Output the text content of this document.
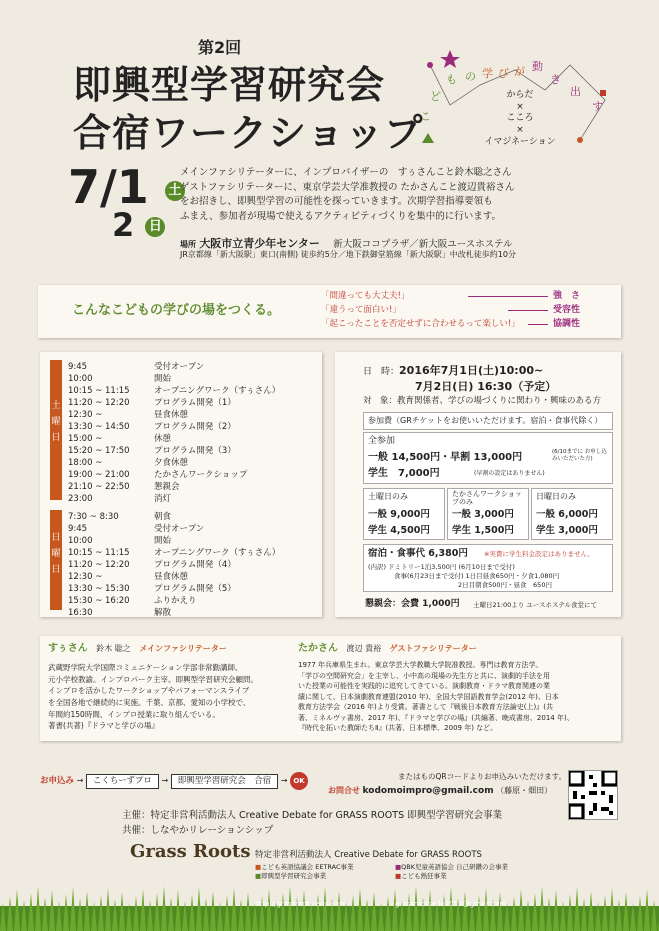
第2回
即興型学習研究会
合宿ワークショップ
7/1 土
2 日
こ
ど
も の 学 び が 動
き
出
す
からだ
×
こころ
×
イマジネーション
メインファシリテーターに、インプロバイザーの　すぅさんこと鈴木聡之さん
ゲストファシリテーターに、東京学芸大学准教授の たかさんこと渡辺貴裕さん
をお招きし、即興型学習の可能性を探っていきます。次期学習指導要領も
ふまえ、参加者が現場で使えるアクティビティづくりを集中的に行います。
場所 大阪市立青少年センター 新大阪ココプラザ／新大阪ユースホステル
JR京都線「新大阪駅」東口(南側) 徒歩約5分／地下鉄御堂筋線「新大阪駅」中改札徒歩約10分
こんなこどもの学びの場をつくる。
「間違っても大丈夫!」
「違うって面白い!」
「起こったことを否定せずに合わせるって楽しい!」
強　さ
受容性
協調性
土曜日
日曜日
9:45	受付オープン
10:00	開始
10:15 ~ 11:15	オープニングワーク（すぅさん）
11:20 ~ 12:20	プログラム開発（1）
12:30 ~	昼食休憩
13:30 ~ 14:50	プログラム開発（2）
15:00 ~	休憩
15:20 ~ 17:50	プログラム開発（3）
18:00 ~	夕食休憩
19:00 ~ 21:00	たかさんワークショップ
21:10 ~ 22:50	懇親会
23:00	消灯
7:30 ~ 8:30	朝食
9:45	受付オープン
10:00	開始
10:15 ~ 11:15	オープニングワーク（すぅさん）
11:20 ~ 12:20	プログラム開発（4）
12:30 ~	昼食休憩
13:30 ~ 15:30	プログラム開発（5）
15:30 ~ 16:20	ふりかえり
16:30	解散
日　時：2016年7月1日(土)10:00~
7月2日(日) 16:30（予定）
対　象：教育関係者、学びの場づくりに関わり・興味のある方
参加費（GRチケットをお使いいただけます。宿泊・食事代除く）
全参加
一般 14,500円・早割 13,000円	(6/10までに お申し込みいただいた方)
学生　7,000円	(早割の設定はありません)
土曜日のみ
一般 9,000円
学生 4,500円
たかさんワークショップのみ
一般 3,000円
学生 1,500円
日曜日のみ
一般 6,000円
学生 3,000円
宿泊・食事代 6,380円 ※実費に学生料金設定はありません。
(内訳) ドミトリー1泊3,500円 (6月10日まで受付)
食事(6月23日まで受付) 1日目昼食650円・夕食1,080円
2日目朝食500円・昼食　650円
懇親会：会費 1,000円 土曜日21:00より ユースホステル食堂にて
すぅさん 鈴木 聡之 メインファシリテーター
武蔵野学院大学国際コミュニケーション学部非常勤講師、
元小学校教諭。インプロパーク主宰。即興型学習研究会顧問。
インプロを活かしたワークショップやパフォーマンスライブ
を全国各地で継続的に実施。千葉、京都、愛知の小学校で、
年間約150時間、インプロ授業に取り組んでいる。
著書(共著)『ドラマと学びの場』
たかさん 渡辺 貴裕 ゲストファシリテーター
1977 年兵庫県生まれ。東京学芸大学教職大学院准教授。専門は教育方法学。
「学びの空間研究会」を主宰し、小中高の現場の先生方と共に、演劇的手法を用
いた授業の可能性を実践的に追究してきている。演劇教育・ドラマ教育関連の業
績に関して、日本演劇教育連盟(2010 年)、全国大学国語教育学会(2012 年)、日本
教育方法学会（2016 年)より受賞。著書として『戦後日本教育方法論史(上)』(共
著、ミネルヴァ書房、2017 年)、『ドラマと学びの場』(共編著、晩成書房、2014 年)、
『時代を拓いた教師たちⅡ』(共著、日本標準、2009 年) など。
お申込み → こくちーずプロ → 即興型学習研究会　合宿 → OK	またはものQRコードよりお申込みいただけます。
お問合せ kodomoimpro@gmail.com （藤原・畑田）
主催：特定非営利活動法人 Creative Debate for GRASS ROOTS 即興型学習研究会事業
共催：しなやかリレーションシップ
Grass Roots 特定非営利活動法人 Creative Debate for GRASS ROOTS
■こども英語協議会 EETRAC事業
■即興型学習研究会事業
■QBK児童英語協会 自己研鑽の会事業
■こども熱狂事業
http://grassroots-edu.com	grassrootsedu2012@gmail.com
